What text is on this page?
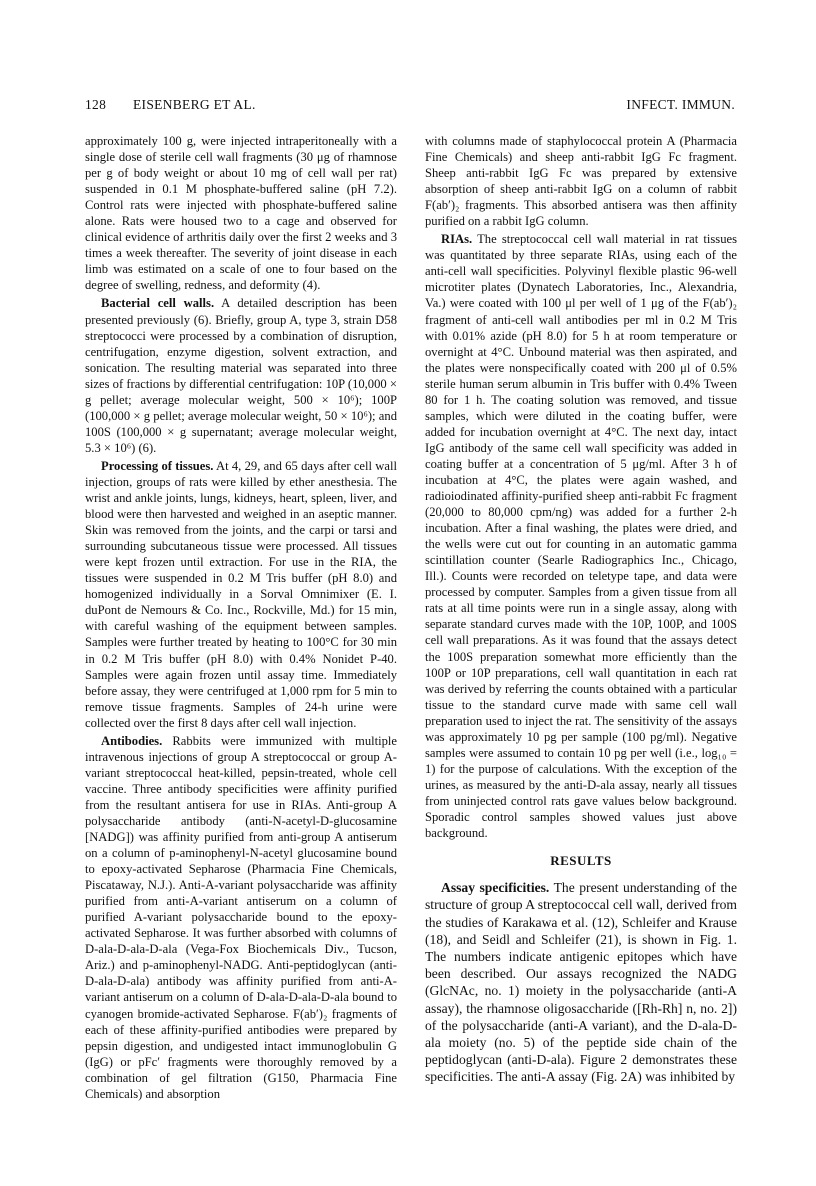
128 EISENBERG ET AL.	INFECT. IMMUN.

approximately 100 g, were injected intraperitoneally with a single dose of sterile cell wall fragments (30 μg of rhamnose per g of body weight or about 10 mg of cell wall per rat) suspended in 0.1 M phosphate-buffered saline (pH 7.2). Control rats were injected with phosphate-buffered saline alone. Rats were housed two to a cage and observed for clinical evidence of arthritis daily over the first 2 weeks and 3 times a week thereafter. The severity of joint disease in each limb was estimated on a scale of one to four based on the degree of swelling, redness, and deformity (4).

Bacterial cell walls. A detailed description has been presented previously (6). Briefly, group A, type 3, strain D58 streptococci were processed by a combination of disruption, centrifugation, enzyme digestion, solvent extraction, and sonication. The resulting material was separated into three sizes of fractions by differential centrifugation: 10P (10,000 × g pellet; average molecular weight, 500 × 10⁶); 100P (100,000 × g pellet; average molecular weight, 50 × 10⁶); and 100S (100,000 × g supernatant; average molecular weight, 5.3 × 10⁶) (6).

Processing of tissues. At 4, 29, and 65 days after cell wall injection, groups of rats were killed by ether anesthesia. The wrist and ankle joints, lungs, kidneys, heart, spleen, liver, and blood were then harvested and weighed in an aseptic manner. Skin was removed from the joints, and the carpi or tarsi and surrounding subcutaneous tissue were processed. All tissues were kept frozen until extraction. For use in the RIA, the tissues were suspended in 0.2 M Tris buffer (pH 8.0) and homogenized individually in a Sorval Omnimixer (E. I. duPont de Nemours & Co. Inc., Rockville, Md.) for 15 min, with careful washing of the equipment between samples. Samples were further treated by heating to 100°C for 30 min in 0.2 M Tris buffer (pH 8.0) with 0.4% Nonidet P-40. Samples were again frozen until assay time. Immediately before assay, they were centrifuged at 1,000 rpm for 5 min to remove tissue fragments. Samples of 24-h urine were collected over the first 8 days after cell wall injection.

Antibodies. Rabbits were immunized with multiple intravenous injections of group A streptococcal or group A-variant streptococcal heat-killed, pepsin-treated, whole cell vaccine. Three antibody specificities were affinity purified from the resultant antisera for use in RIAs. Anti-group A polysaccharide antibody (anti-N-acetyl-D-glucosamine [NADG]) was affinity purified from anti-group A antiserum on a column of p-aminophenyl-N-acetyl glucosamine bound to epoxy-activated Sepharose (Pharmacia Fine Chemicals, Piscataway, N.J.). Anti-A-variant polysaccharide was affinity purified from anti-A-variant antiserum on a column of purified A-variant polysaccharide bound to the epoxy-activated Sepharose. It was further absorbed with columns of D-ala-D-ala-D-ala (Vega-Fox Biochemicals Div., Tucson, Ariz.) and p-aminophenyl-NADG. Anti-peptidoglycan (anti-D-ala-D-ala) antibody was affinity purified from anti-A-variant antiserum on a column of D-ala-D-ala-D-ala bound to cyanogen bromide-activated Sepharose. F(ab′)₂ fragments of each of these affinity-purified antibodies were prepared by pepsin digestion, and undigested intact immunoglobulin G (IgG) or pFc′ fragments were thoroughly removed by a combination of gel filtration (G150, Pharmacia Fine Chemicals) and absorption

with columns made of staphylococcal protein A (Pharmacia Fine Chemicals) and sheep anti-rabbit IgG Fc fragment. Sheep anti-rabbit IgG Fc was prepared by extensive absorption of sheep anti-rabbit IgG on a column of rabbit F(ab′)₂ fragments. This absorbed antisera was then affinity purified on a rabbit IgG column.

RIAs. The streptococcal cell wall material in rat tissues was quantitated by three separate RIAs, using each of the anti-cell wall specificities. Polyvinyl flexible plastic 96-well microtiter plates (Dynatech Laboratories, Inc., Alexandria, Va.) were coated with 100 μl per well of 1 μg of the F(ab′)₂ fragment of anti-cell wall antibodies per ml in 0.2 M Tris with 0.01% azide (pH 8.0) for 5 h at room temperature or overnight at 4°C. Unbound material was then aspirated, and the plates were nonspecifically coated with 200 μl of 0.5% sterile human serum albumin in Tris buffer with 0.4% Tween 80 for 1 h. The coating solution was removed, and tissue samples, which were diluted in the coating buffer, were added for incubation overnight at 4°C. The next day, intact IgG antibody of the same cell wall specificity was added in coating buffer at a concentration of 5 μg/ml. After 3 h of incubation at 4°C, the plates were again washed, and radioiodinated affinity-purified sheep anti-rabbit Fc fragment (20,000 to 80,000 cpm/ng) was added for a further 2-h incubation. After a final washing, the plates were dried, and the wells were cut out for counting in an automatic gamma scintillation counter (Searle Radiographics Inc., Chicago, Ill.). Counts were recorded on teletype tape, and data were processed by computer. Samples from a given tissue from all rats at all time points were run in a single assay, along with separate standard curves made with the 10P, 100P, and 100S cell wall preparations. As it was found that the assays detect the 100S preparation somewhat more efficiently than the 100P or 10P preparations, cell wall quantitation in each rat was derived by referring the counts obtained with a particular tissue to the standard curve made with same cell wall preparation used to inject the rat. The sensitivity of the assays was approximately 10 pg per sample (100 pg/ml). Negative samples were assumed to contain 10 pg per well (i.e., log₁₀ = 1) for the purpose of calculations. With the exception of the urines, as measured by the anti-D-ala assay, nearly all tissues from uninjected control rats gave values below background. Sporadic control samples showed values just above background.

RESULTS

Assay specificities. The present understanding of the structure of group A streptococcal cell wall, derived from the studies of Karakawa et al. (12), Schleifer and Krause (18), and Seidl and Schleifer (21), is shown in Fig. 1. The numbers indicate antigenic epitopes which have been described. Our assays recognized the NADG (GlcNAc, no. 1) moiety in the polysaccharide (anti-A assay), the rhamnose oligosaccharide ([Rh-Rh] n, no. 2]) of the polysaccharide (anti-A variant), and the D-ala-D-ala moiety (no. 5) of the peptide side chain of the peptidoglycan (anti-D-ala). Figure 2 demonstrates these specificities. The anti-A assay (Fig. 2A) was inhibited by
